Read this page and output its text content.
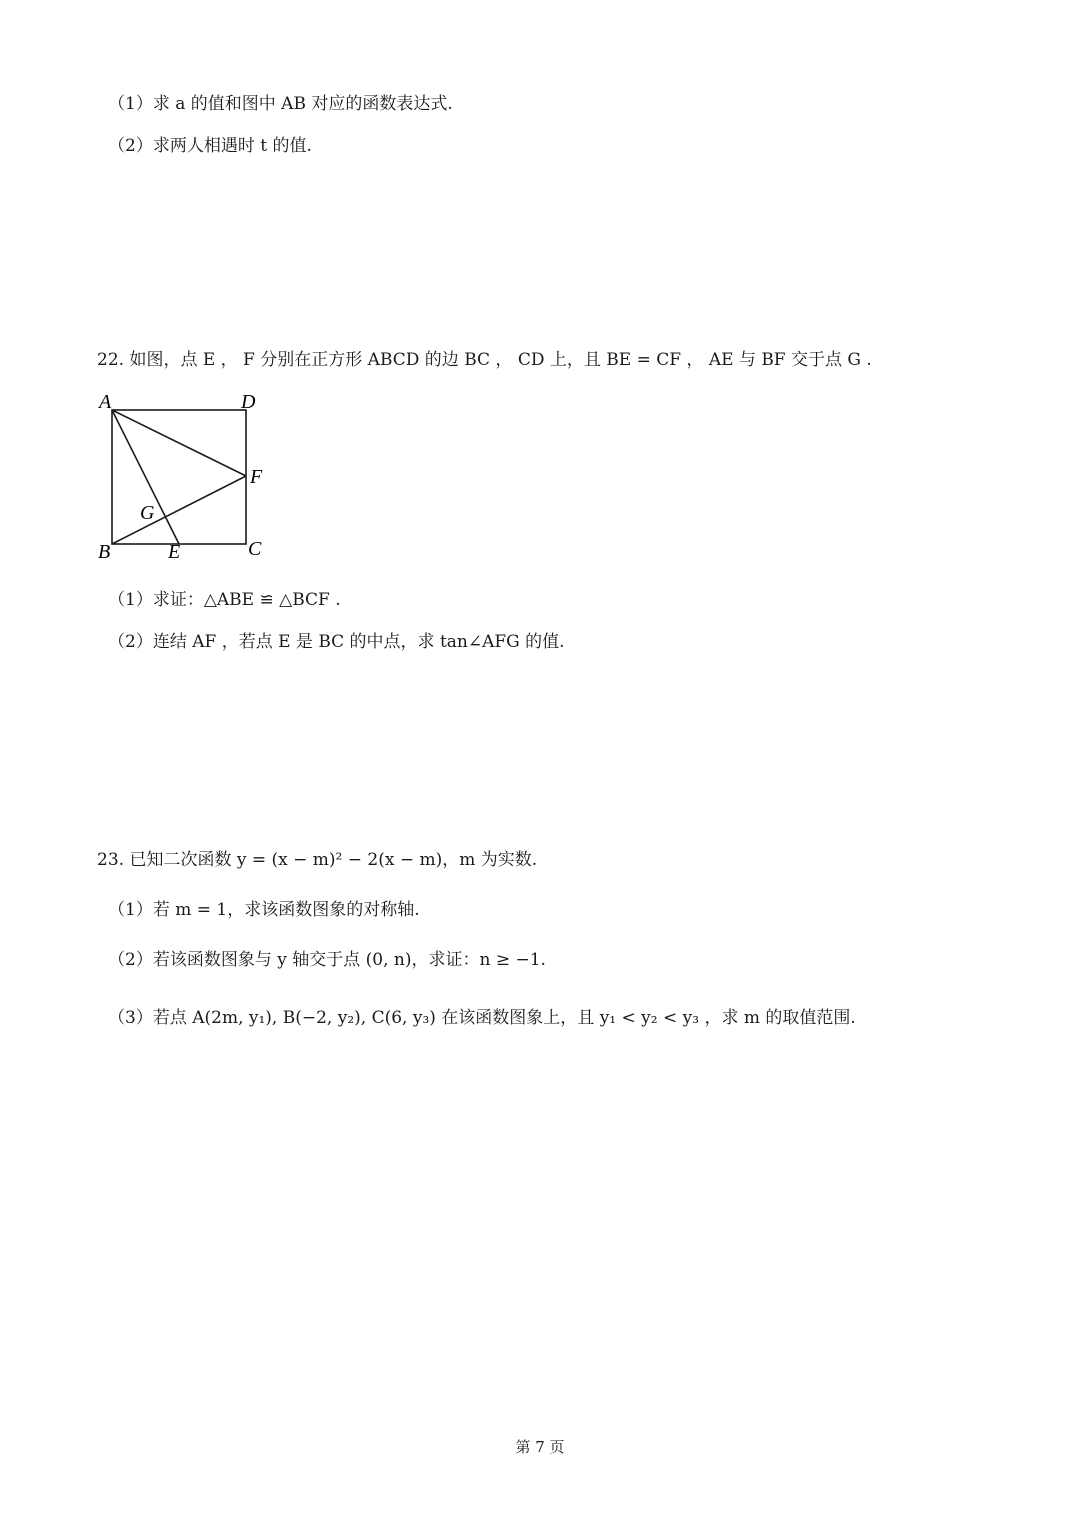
（1）求 a 的值和图中 AB 对应的函数表达式.
（2）求两人相遇时 t 的值.
22. 如图，点 E ， F 分别在正方形 ABCD 的边 BC ， CD 上，且 BE = CF ， AE 与 BF 交于点 G .
A	D
F
G
B	E	C
（1）求证：△ABE ≌ △BCF .
（2）连结 AF ，若点 E 是 BC 的中点，求 tan∠AFG 的值.
23. 已知二次函数 y = (x − m)² − 2(x − m)，m 为实数.
（1）若 m = 1，求该函数图象的对称轴.
（2）若该函数图象与 y 轴交于点 (0, n)，求证：n ≥ −1.
（3）若点 A(2m, y₁), B(−2, y₂), C(6, y₃) 在该函数图象上，且 y₁ < y₂ < y₃ ，求 m 的取值范围.
第 7 页
